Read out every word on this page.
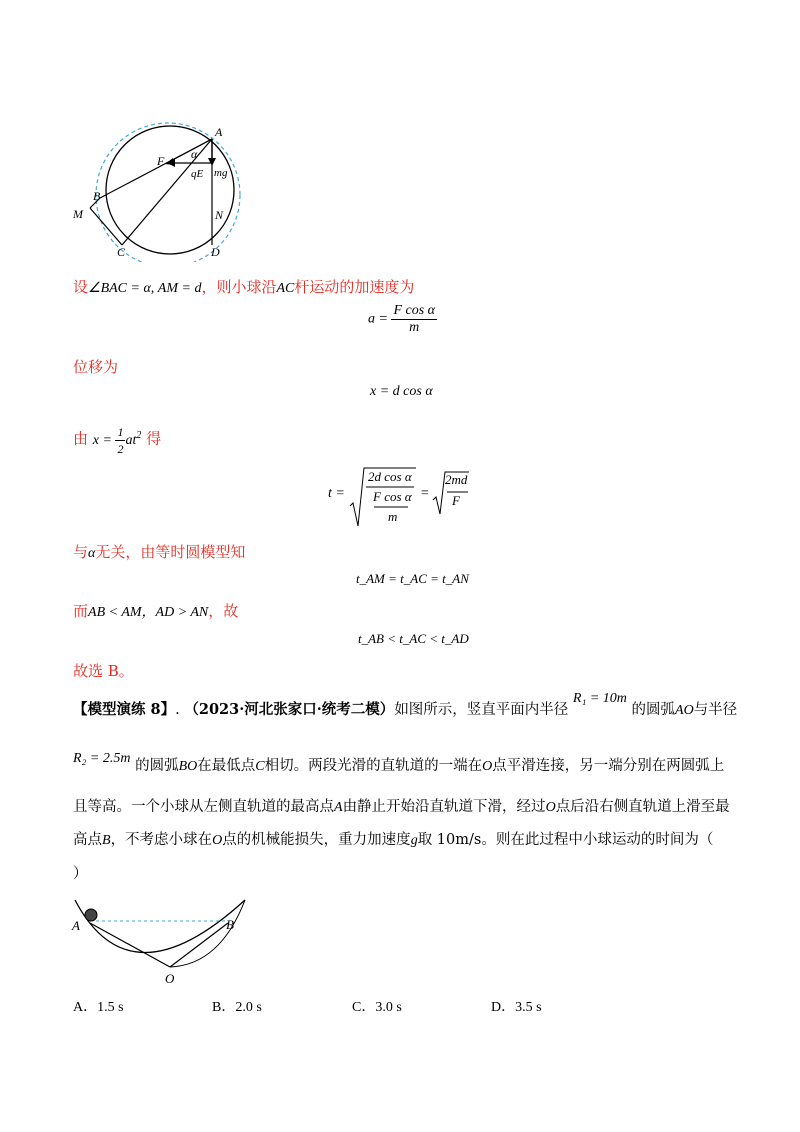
A
B
C	D
M	N
F α
qE mg
设∠BAC = α, AM = d，则小球沿AC杆运动的加速度为
$a = \frac{\text{F cos α}}{m}$
位移为
x = d cos α
由 $x = \frac{1}{2} at^2$ 得
t =
2d cos α
F cos α
m
=
2md
F
与α无关，由等时圆模型知
t_AM = t_AC = t_AN
而AB < AM，AD > AN，故
t_AB < t_AC < t_AD
故选 B。
【模型演练 8】. （2023·河北张家口·统考二模）如图所示，竖直平面内半径 R₁ = 10m 的圆弧AO与半径
R₂ = 2.5m 的圆弧BO在最低点C相切。两段光滑的直轨道的一端在O点平滑连接，另一端分别在两圆弧上
且等高。一个小球从左侧直轨道的最高点A由静止开始沿直轨道下滑，经过O点后沿右侧直轨道上滑至最
高点B，不考虑小球在O点的机械能损失，重力加速度g取 10m/s。则在此过程中小球运动的时间为（
）
A	B
O
A．1.5 s	B．2.0 s	C．3.0 s	D．3.5 s
